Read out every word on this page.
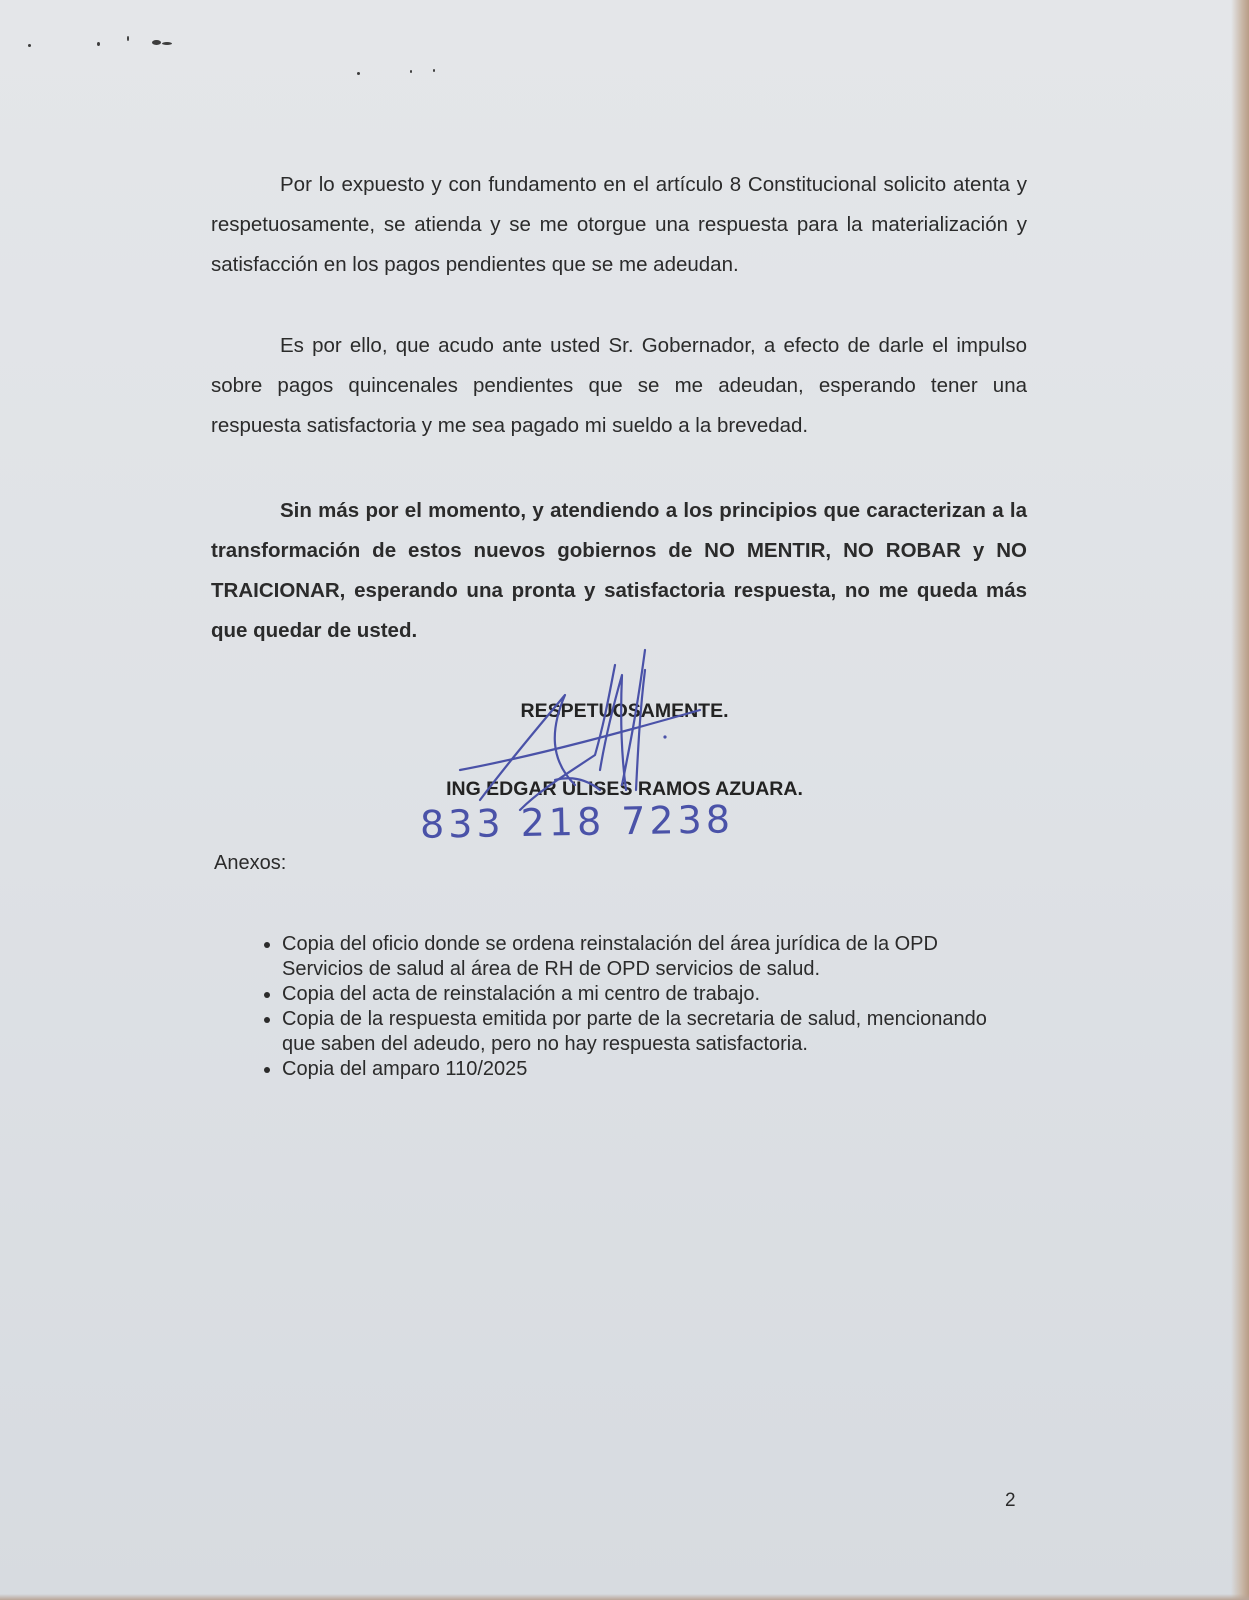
Por lo expuesto y con fundamento en el artículo 8 Constitucional solicito atenta y respetuosamente, se atienda y se me otorgue una respuesta para la materialización y satisfacción en los pagos pendientes que se me adeudan.

Es por ello, que acudo ante usted Sr. Gobernador, a efecto de darle el impulso sobre pagos quincenales pendientes que se me adeudan, esperando tener una respuesta satisfactoria y me sea pagado mi sueldo a la brevedad.

Sin más por el momento, y atendiendo a los principios que caracterizan a la transformación de estos nuevos gobiernos de NO MENTIR, NO ROBAR y NO TRAICIONAR, esperando una pronta y satisfactoria respuesta, no me queda más que quedar de usted.

RESPETUOSAMENTE.
ING EDGAR ULISES RAMOS AZUARA.
833 218 7238
Anexos:
• Copia del oficio donde se ordena reinstalación del área jurídica de la OPD Servicios de salud al área de RH de OPD servicios de salud.
• Copia del acta de reinstalación a mi centro de trabajo.
• Copia de la respuesta emitida por parte de la secretaria de salud, mencionando que saben del adeudo, pero no hay respuesta satisfactoria.
• Copia del amparo 110/2025
2
